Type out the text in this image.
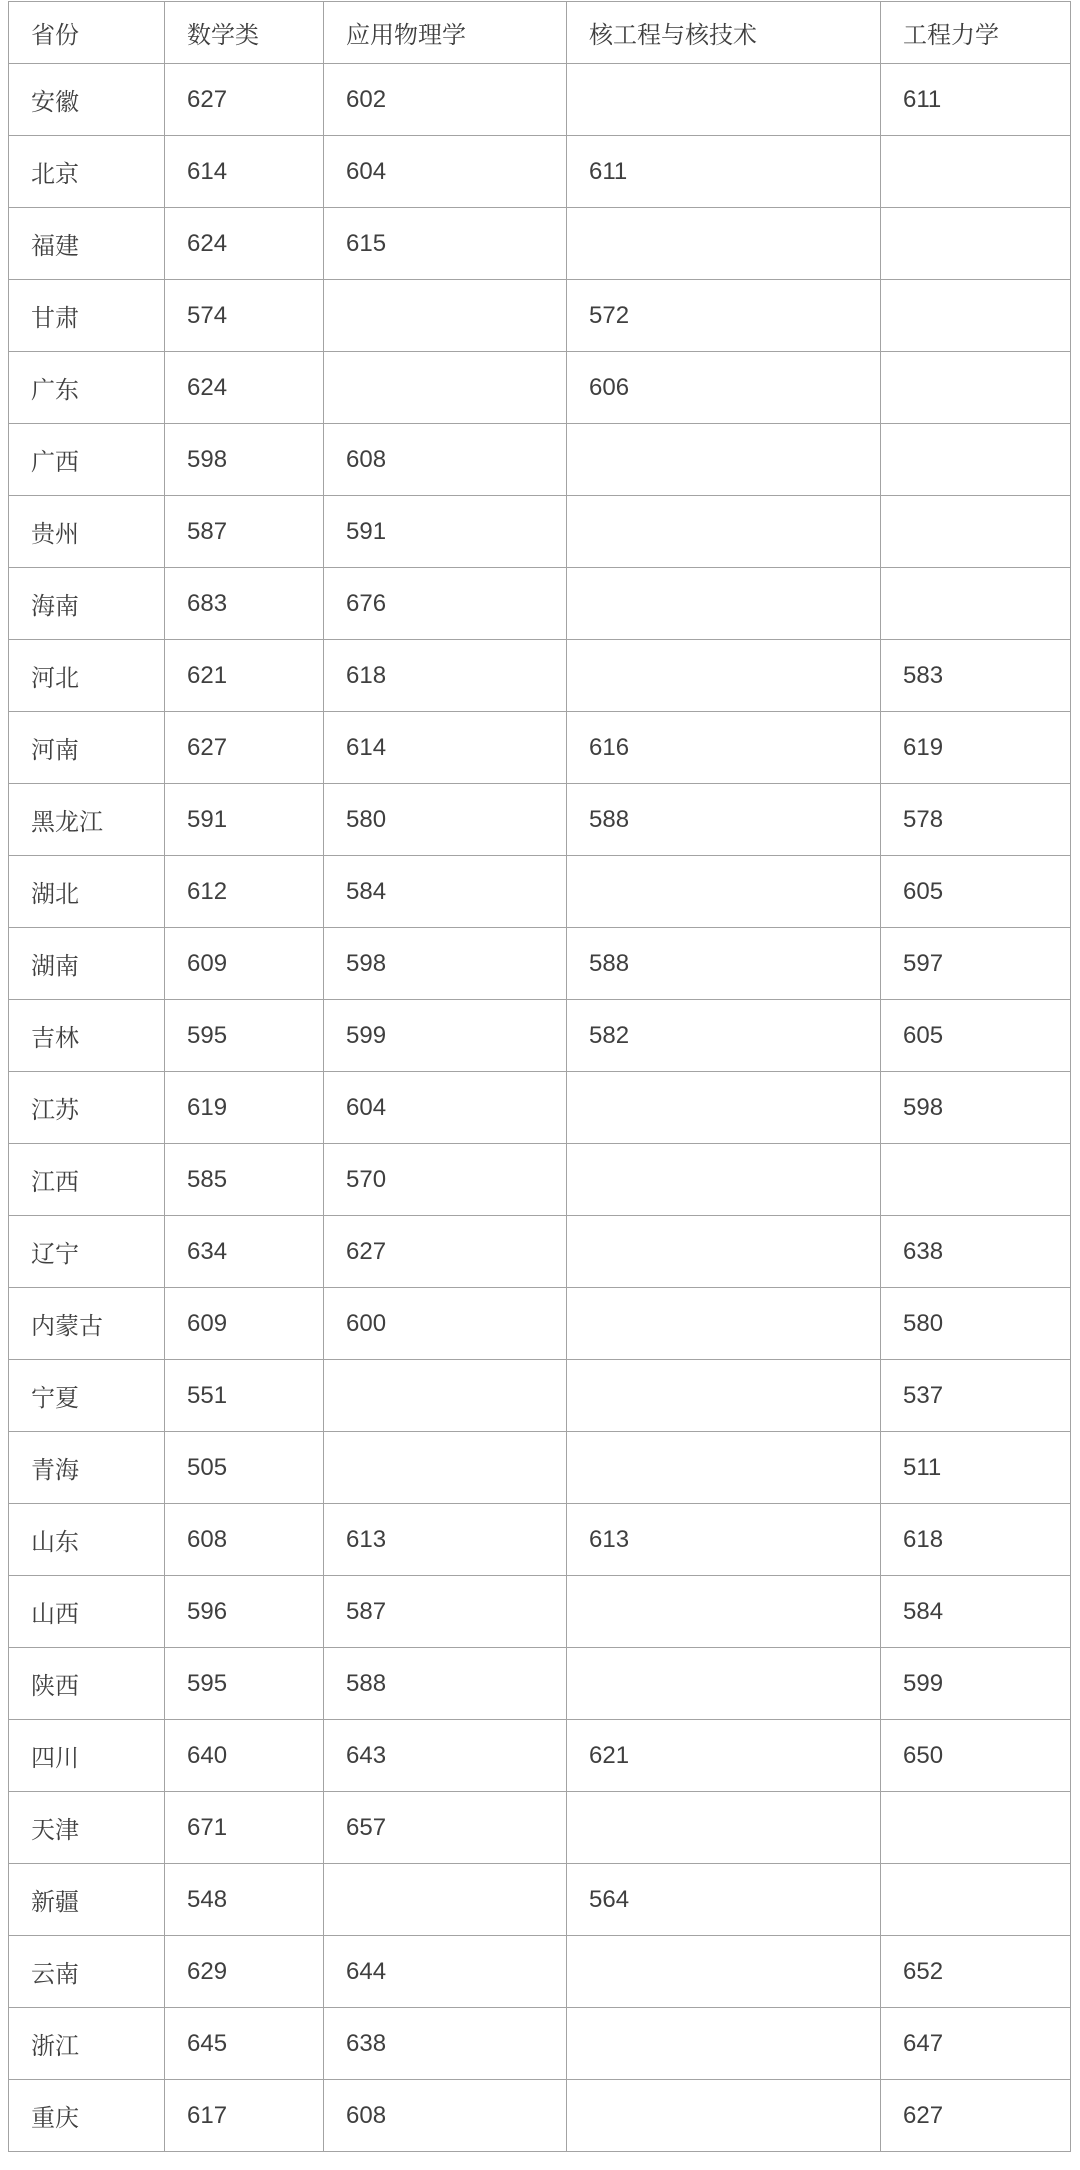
省份	数学类	应用物理学	核工程与核技术	工程力学
安徽	627	602		611
北京	614	604	611	
福建	624	615		
甘肃	574		572	
广东	624		606	
广西	598	608		
贵州	587	591		
海南	683	676		
河北	621	618		583
河南	627	614	616	619
黑龙江	591	580	588	578
湖北	612	584		605
湖南	609	598	588	597
吉林	595	599	582	605
江苏	619	604		598
江西	585	570		
辽宁	634	627		638
内蒙古	609	600		580
宁夏	551			537
青海	505			511
山东	608	613	613	618
山西	596	587		584
陕西	595	588		599
四川	640	643	621	650
天津	671	657		
新疆	548		564	
云南	629	644		652
浙江	645	638		647
重庆	617	608		627
